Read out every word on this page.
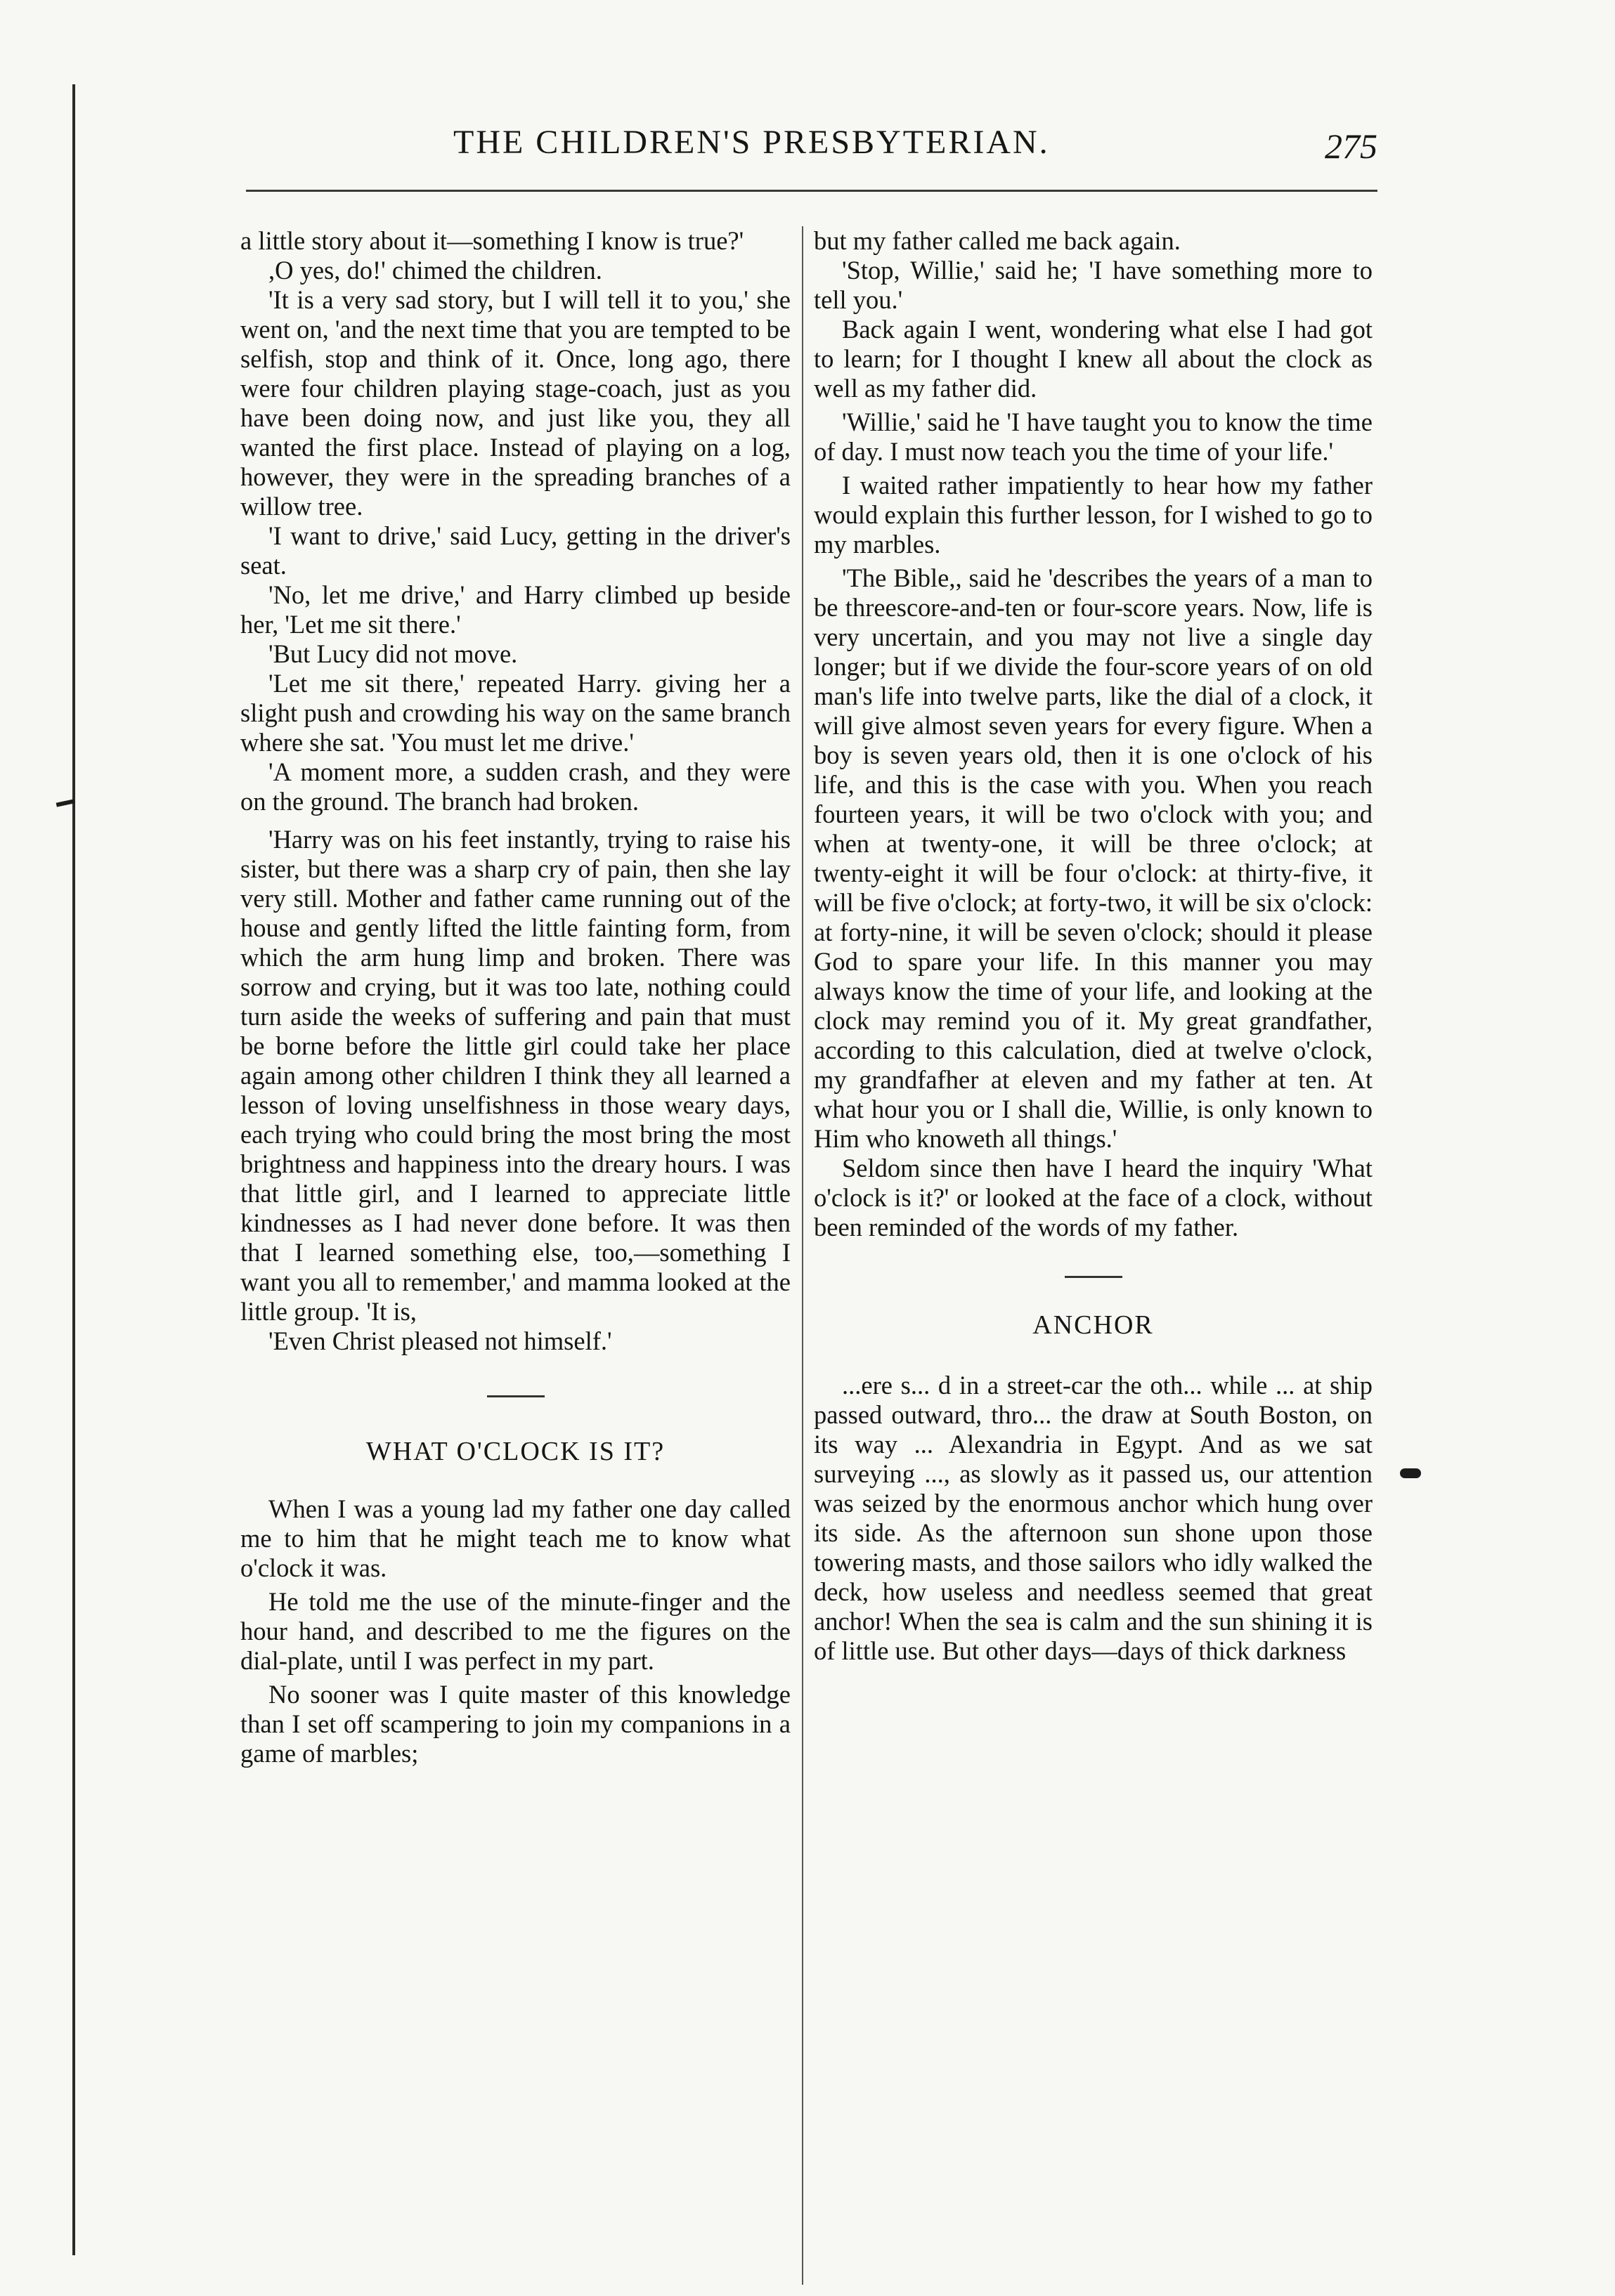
THE CHILDREN'S PRESBYTERIAN.	275

a little story about it—something I know is true?'

,O yes, do!' chimed the children.

'It is a very sad story, but I will tell it to you,' she went on, 'and the next time that you are tempted to be selfish, stop and think of it. Once, long ago, there were four children playing stage-coach, just as you have been doing now, and just like you, they all wanted the first place. Instead of playing on a log, however, they were in the spreading branches of a willow tree.

'I want to drive,' said Lucy, getting in the driver's seat.

'No, let me drive,' and Harry climbed up beside her, 'Let me sit there.'

'But Lucy did not move.

'Let me sit there,' repeated Harry. giving her a slight push and crowding his way on the same branch where she sat. 'You must let me drive.'

'A moment more, a sudden crash, and they were on the ground. The branch had broken.

'Harry was on his feet instantly, trying to raise his sister, but there was a sharp cry of pain, then she lay very still. Mother and father came running out of the house and gently lifted the little fainting form, from which the arm hung limp and broken. There was sorrow and crying, but it was too late, nothing could turn aside the weeks of suffering and pain that must be borne before the little girl could take her place again among other children I think they all learned a lesson of loving unselfishness in those weary days, each trying who could bring the most bring the most brightness and happiness into the dreary hours. I was that little girl, and I learned to appreciate little kindnesses as I had never done before. It was then that I learned something else, too,—something I want you all to remember,' and mamma looked at the little group. 'It is,

'Even Christ pleased not himself.'

WHAT O'CLOCK IS IT?

When I was a young lad my father one day called me to him that he might teach me to know what o'clock it was.

He told me the use of the minute-finger and the hour hand, and described to me the figures on the dial-plate, until I was perfect in my part.

No sooner was I quite master of this knowledge than I set off scampering to join my companions in a game of marbles;

but my father called me back again.

'Stop, Willie,' said he; 'I have something more to tell you.'

Back again I went, wondering what else I had got to learn; for I thought I knew all about the clock as well as my father did.

'Willie,' said he 'I have taught you to know the time of day. I must now teach you the time of your life.'

I waited rather impatiently to hear how my father would explain this further lesson, for I wished to go to my marbles.

'The Bible,, said he 'describes the years of a man to be threescore-and-ten or four-score years. Now, life is very uncertain, and you may not live a single day longer; but if we divide the four-score years of on old man's life into twelve parts, like the dial of a clock, it will give almost seven years for every figure. When a boy is seven years old, then it is one o'clock of his life, and this is the case with you. When you reach fourteen years, it will be two o'clock with you; and when at twenty-one, it will be three o'clock; at twenty-eight it will be four o'clock: at thirty-five, it will be five o'clock; at forty-two, it will be six o'clock: at forty-nine, it will be seven o'clock; should it please God to spare your life. In this manner you may always know the time of your life, and looking at the clock may remind you of it. My great grandfather, according to this calculation, died at twelve o'clock, my grandfafher at eleven and my father at ten. At what hour you or I shall die, Willie, is only known to Him who knoweth all things.'

Seldom since then have I heard the inquiry 'What o'clock is it?' or looked at the face of a clock, without been reminded of the words of my father.

ANCHOR

...ere s... d in a street-car the oth... while ... at ship passed outward, thro... the draw at South Boston, on its way ... Alexandria in Egypt. And as we sat surveying ..., as slowly as it passed us, our attention was seized by the enormous anchor which hung over its side. As the afternoon sun shone upon those towering masts, and those sailors who idly walked the deck, how useless and needless seemed that great anchor! When the sea is calm and the sun shining it is of little use. But other days—days of thick darkness
